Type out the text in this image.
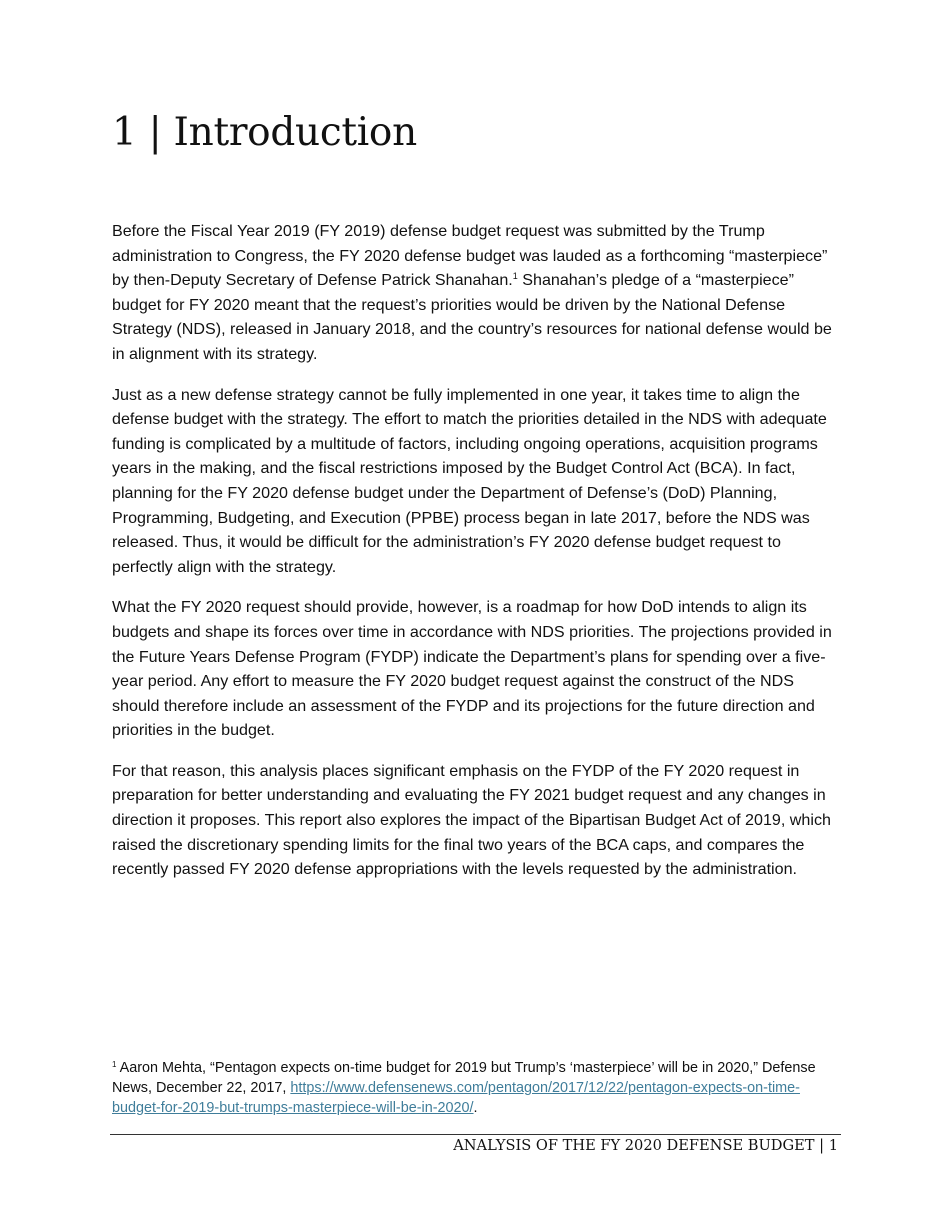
1 | Introduction

Before the Fiscal Year 2019 (FY 2019) defense budget request was submitted by the Trump administration to Congress, the FY 2020 defense budget was lauded as a forthcoming “masterpiece” by then-Deputy Secretary of Defense Patrick Shanahan.$^1$ Shanahan’s pledge of a “masterpiece” budget for FY 2020 meant that the request’s priorities would be driven by the National Defense Strategy (NDS), released in January 2018, and the country’s resources for national defense would be in alignment with its strategy.

Just as a new defense strategy cannot be fully implemented in one year, it takes time to align the defense budget with the strategy. The effort to match the priorities detailed in the NDS with adequate funding is complicated by a multitude of factors, including ongoing operations, acquisition programs years in the making, and the fiscal restrictions imposed by the Budget Control Act (BCA). In fact, planning for the FY 2020 defense budget under the Department of Defense’s (DoD) Planning, Programming, Budgeting, and Execution (PPBE) process began in late 2017, before the NDS was released. Thus, it would be difficult for the administration’s FY 2020 defense budget request to perfectly align with the strategy.

What the FY 2020 request should provide, however, is a roadmap for how DoD intends to align its budgets and shape its forces over time in accordance with NDS priorities. The projections provided in the Future Years Defense Program (FYDP) indicate the Department’s plans for spending over a five-year period. Any effort to measure the FY 2020 budget request against the construct of the NDS should therefore include an assessment of the FYDP and its projections for the future direction and priorities in the budget.

For that reason, this analysis places significant emphasis on the FYDP of the FY 2020 request in preparation for better understanding and evaluating the FY 2021 budget request and any changes in direction it proposes. This report also explores the impact of the Bipartisan Budget Act of 2019, which raised the discretionary spending limits for the final two years of the BCA caps, and compares the recently passed FY 2020 defense appropriations with the levels requested by the administration.

$^1$ Aaron Mehta, “Pentagon expects on-time budget for 2019 but Trump’s ‘masterpiece’ will be in 2020,” Defense News, December 22, 2017, https://www.defensenews.com/pentagon/2017/12/22/pentagon-expects-on-time-budget-for-2019-but-trumps-masterpiece-will-be-in-2020/.
ANALYSIS OF THE FY 2020 DEFENSE BUDGET | 1
